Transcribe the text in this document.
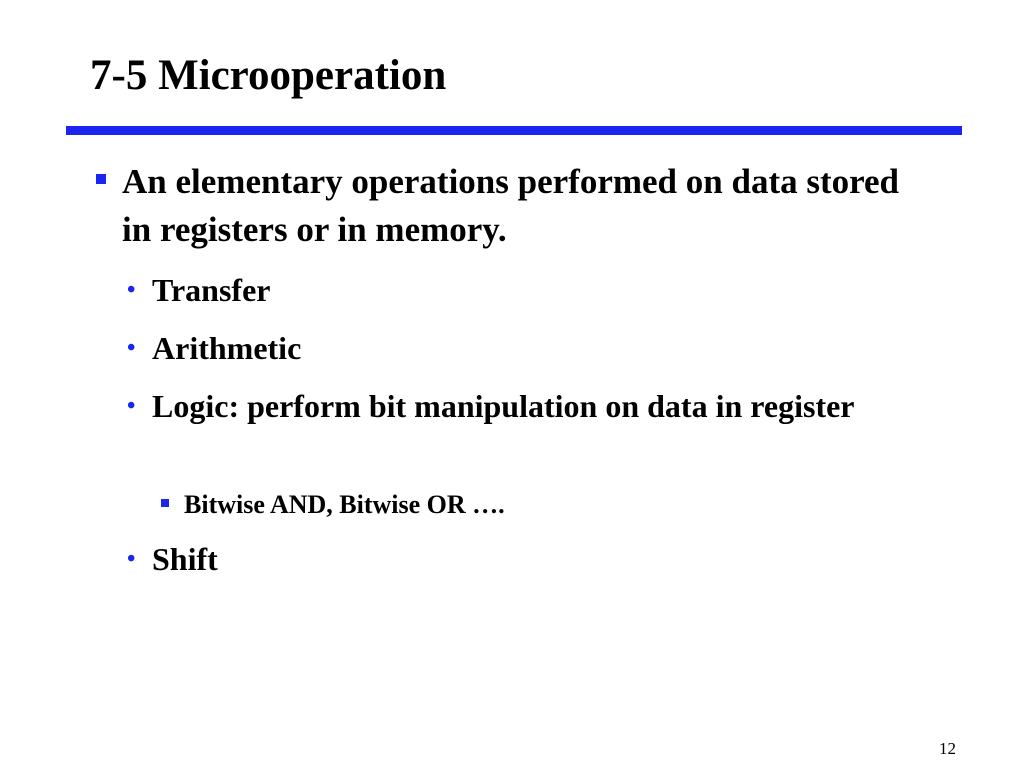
7-5 Microoperation
An elementary operations performed on data stored in registers or in memory.
• Transfer
• Arithmetic
• Logic: perform bit manipulation on data in register
Bitwise AND, Bitwise OR ….
• Shift
12
